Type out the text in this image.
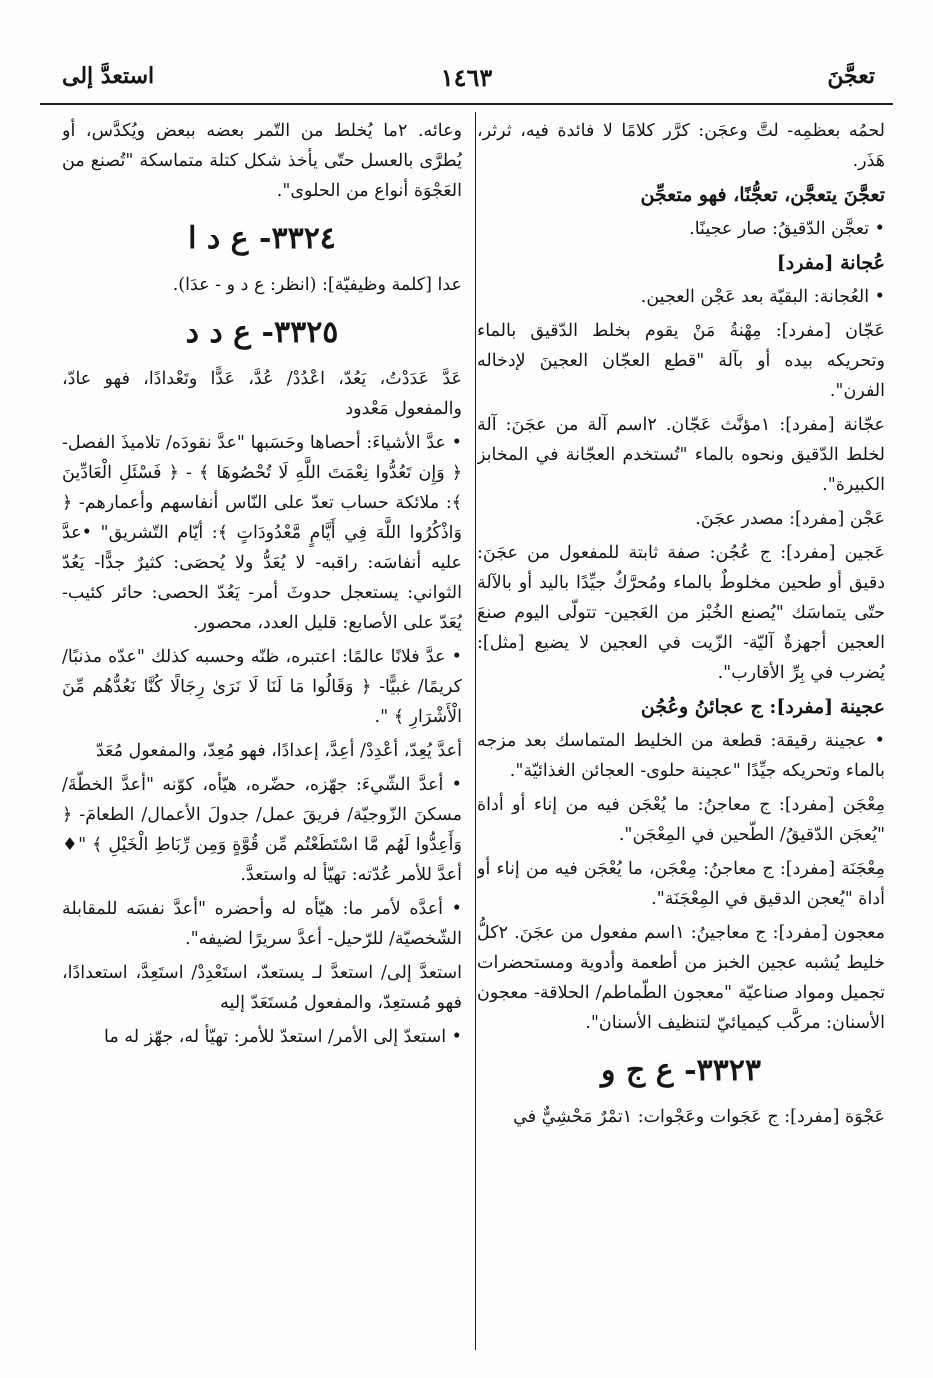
تعجَّنَ
١٤٦٣
استعدَّ إلى

لحمُه بعظمِه- لتَّ وعجَن: كرَّر كلامًا لا فائدة فيه، ثرثر، هَذَر.

تعجَّنَ يتعجَّن، تعجُّنًا، فهو متعجِّن

• تعجَّن الدّقيقُ: صار عجينًا.

عُجانة [مفرد]

• العُجانة: البقيّة بعد عَجْن العجين.

عَجّان [مفرد]: مِهْنةُ مَنْ يقوم بخلط الدّقيق بالماء وتحريكه بيده أو بآلة "قطع العجّان العجينَ لإدخاله الفرن".

عجّانة [مفرد]: ١مؤنَّث عَجّان. ٢اسم آلة من عجَنَ: آلة لخلط الدّقيق ونحوه بالماء "تُستخدم العجّانة في المخابز الكبيرة".

عَجْن [مفرد]: مصدر عجَنَ.

عَجين [مفرد]: ج عُجُن: صفة ثابتة للمفعول من عجَنَ: دقيق أو طحين مخلوطٌ بالماء ومُحرَّكٌ جيِّدًا باليد أو بالآلة حتّى يتماسَك "يُصنع الخُبْز من العَجين- تتولّى اليوم صنعَ العجين أجهزةٌ آليّة- الزّيت في العجين لا يضيع [مثل]: يُضرب في بِرِّ الأقارب".

عجينة [مفرد]: ج عجائنُ وعُجُن

• عجينة رقيقة: قطعة من الخليط المتماسك بعد مزجه بالماء وتحريكه جيِّدًا "عجينة حلوى- العجائن الغذائيّة".

مِعْجَن [مفرد]: ج معاجنُ: ما يُعْجَن فيه من إناء أو أداة "يُعجَن الدّقيقُ/ الطّحين في المِعْجَن".

مِعْجَنَة [مفرد]: ج معاجنُ: مِعْجَن، ما يُعْجَن فيه من إناء أو أداة "يُعجن الدقيق في المِعْجَنَة".

معجون [مفرد]: ج معاجينُ: ١اسم مفعول من عجَنَ. ٢كلُّ خليط يُشبه عجين الخبز من أطعمة وأدوية ومستحضرات تجميل ومواد صناعيّة "معجون الطّماطم/ الحلاقة- معجون الأسنان: مركَّب كيميائيّ لتنظيف الأسنان".

٣٣٢٣- ع ج و

عَجْوَة [مفرد]: ج عَجَوات وعَجْوات: ١تمْرٌ مَحْشِيٌّ في

وعائه. ٢ما يُخلط من التّمر بعضه ببعض ويُكدَّس، أو يُطرَّى بالعسل حتّى يأخذ شكل كتلة متماسكة "تُصنع من العَجْوَة أنواع من الحلوى".

٣٣٢٤- ع د ا

عدا [كلمة وظيفيّة]: (انظر: ع د و - عدَا).

٣٣٢٥- ع د د

عَدَّ عَدَدْتُ، يَعُدّ، اعْدُدْ/ عُدَّ، عَدًّا وتَعْدادًا، فهو عادّ، والمفعول مَعْدود

• عدَّ الأشياءَ: أحصاها وحَسَبها "عدَّ نقودَه/ تلاميذَ الفصل- ﴿ وَإِن تَعُدُّوا نِعْمَتَ اللَّهِ لَا تُحْصُوهَا ﴾ - ﴿ فَسْئَلِ الْعَادِّينَ ﴾: ملائكة حساب تعدّ على النّاس أنفاسهم وأعمارهم- ﴿ وَاذْكُرُوا اللَّهَ فِي أَيَّامٍ مَّعْدُودَاتٍ ﴾: أيّام التّشريق" •عدَّ عليه أنفاسَه: راقبه- لا يُعَدُّ ولا يُحصَى: كثيرٌ جدًّا- يَعُدّ الثواني: يستعجل حدوثَ أمر- يَعُدّ الحصى: حائر كئيب- يُعَدّ على الأصابع: قليل العدد، محصور.

• عدَّ فلانًا عالمًا: اعتبره، ظنّه وحسبه كذلك "عدّه مذنبًا/ كريمًا/ غبيًّا- ﴿ وَقَالُوا مَا لَنَا لَا نَرَىٰ رِجَالًا كُنَّا نَعُدُّهُم مِّنَ الْأَشْرَارِ ﴾ ".

أعدَّ يُعِدّ، أعْدِدْ/ أعِدَّ، إعدادًا، فهو مُعِدّ، والمفعول مُعَدّ

• أعدَّ الشّيءَ: جهّزه، حضّره، هيّأه، كوّنه "أعدَّ الخطّةَ/ مسكنَ الزّوجيّة/ فريقَ عمل/ جدولَ الأعمال/ الطعامَ- ﴿ وَأَعِدُّوا لَهُم مَّا اسْتَطَعْتُم مِّن قُوَّةٍ وَمِن رِّبَاطِ الْخَيْلِ ﴾ "♦ أعدَّ للأمر عُدّته: تهيّأ له واستعدَّ.

• أعدَّه لأمر ما: هيّأه له وأحضره "أعدَّ نفسَه للمقابلة الشّخصيّة/ للرّحيل- أعدَّ سريرًا لضيفه".

استعدَّ إلى/ استعدَّ لـ يستعدّ، استَعْدِدْ/ استَعِدَّ، استعدادًا، فهو مُستعِدّ، والمفعول مُستَعَدّ إليه

• استعدّ إلى الأمر/ استعدّ للأمر: تهيّأ له، جهّز له ما
